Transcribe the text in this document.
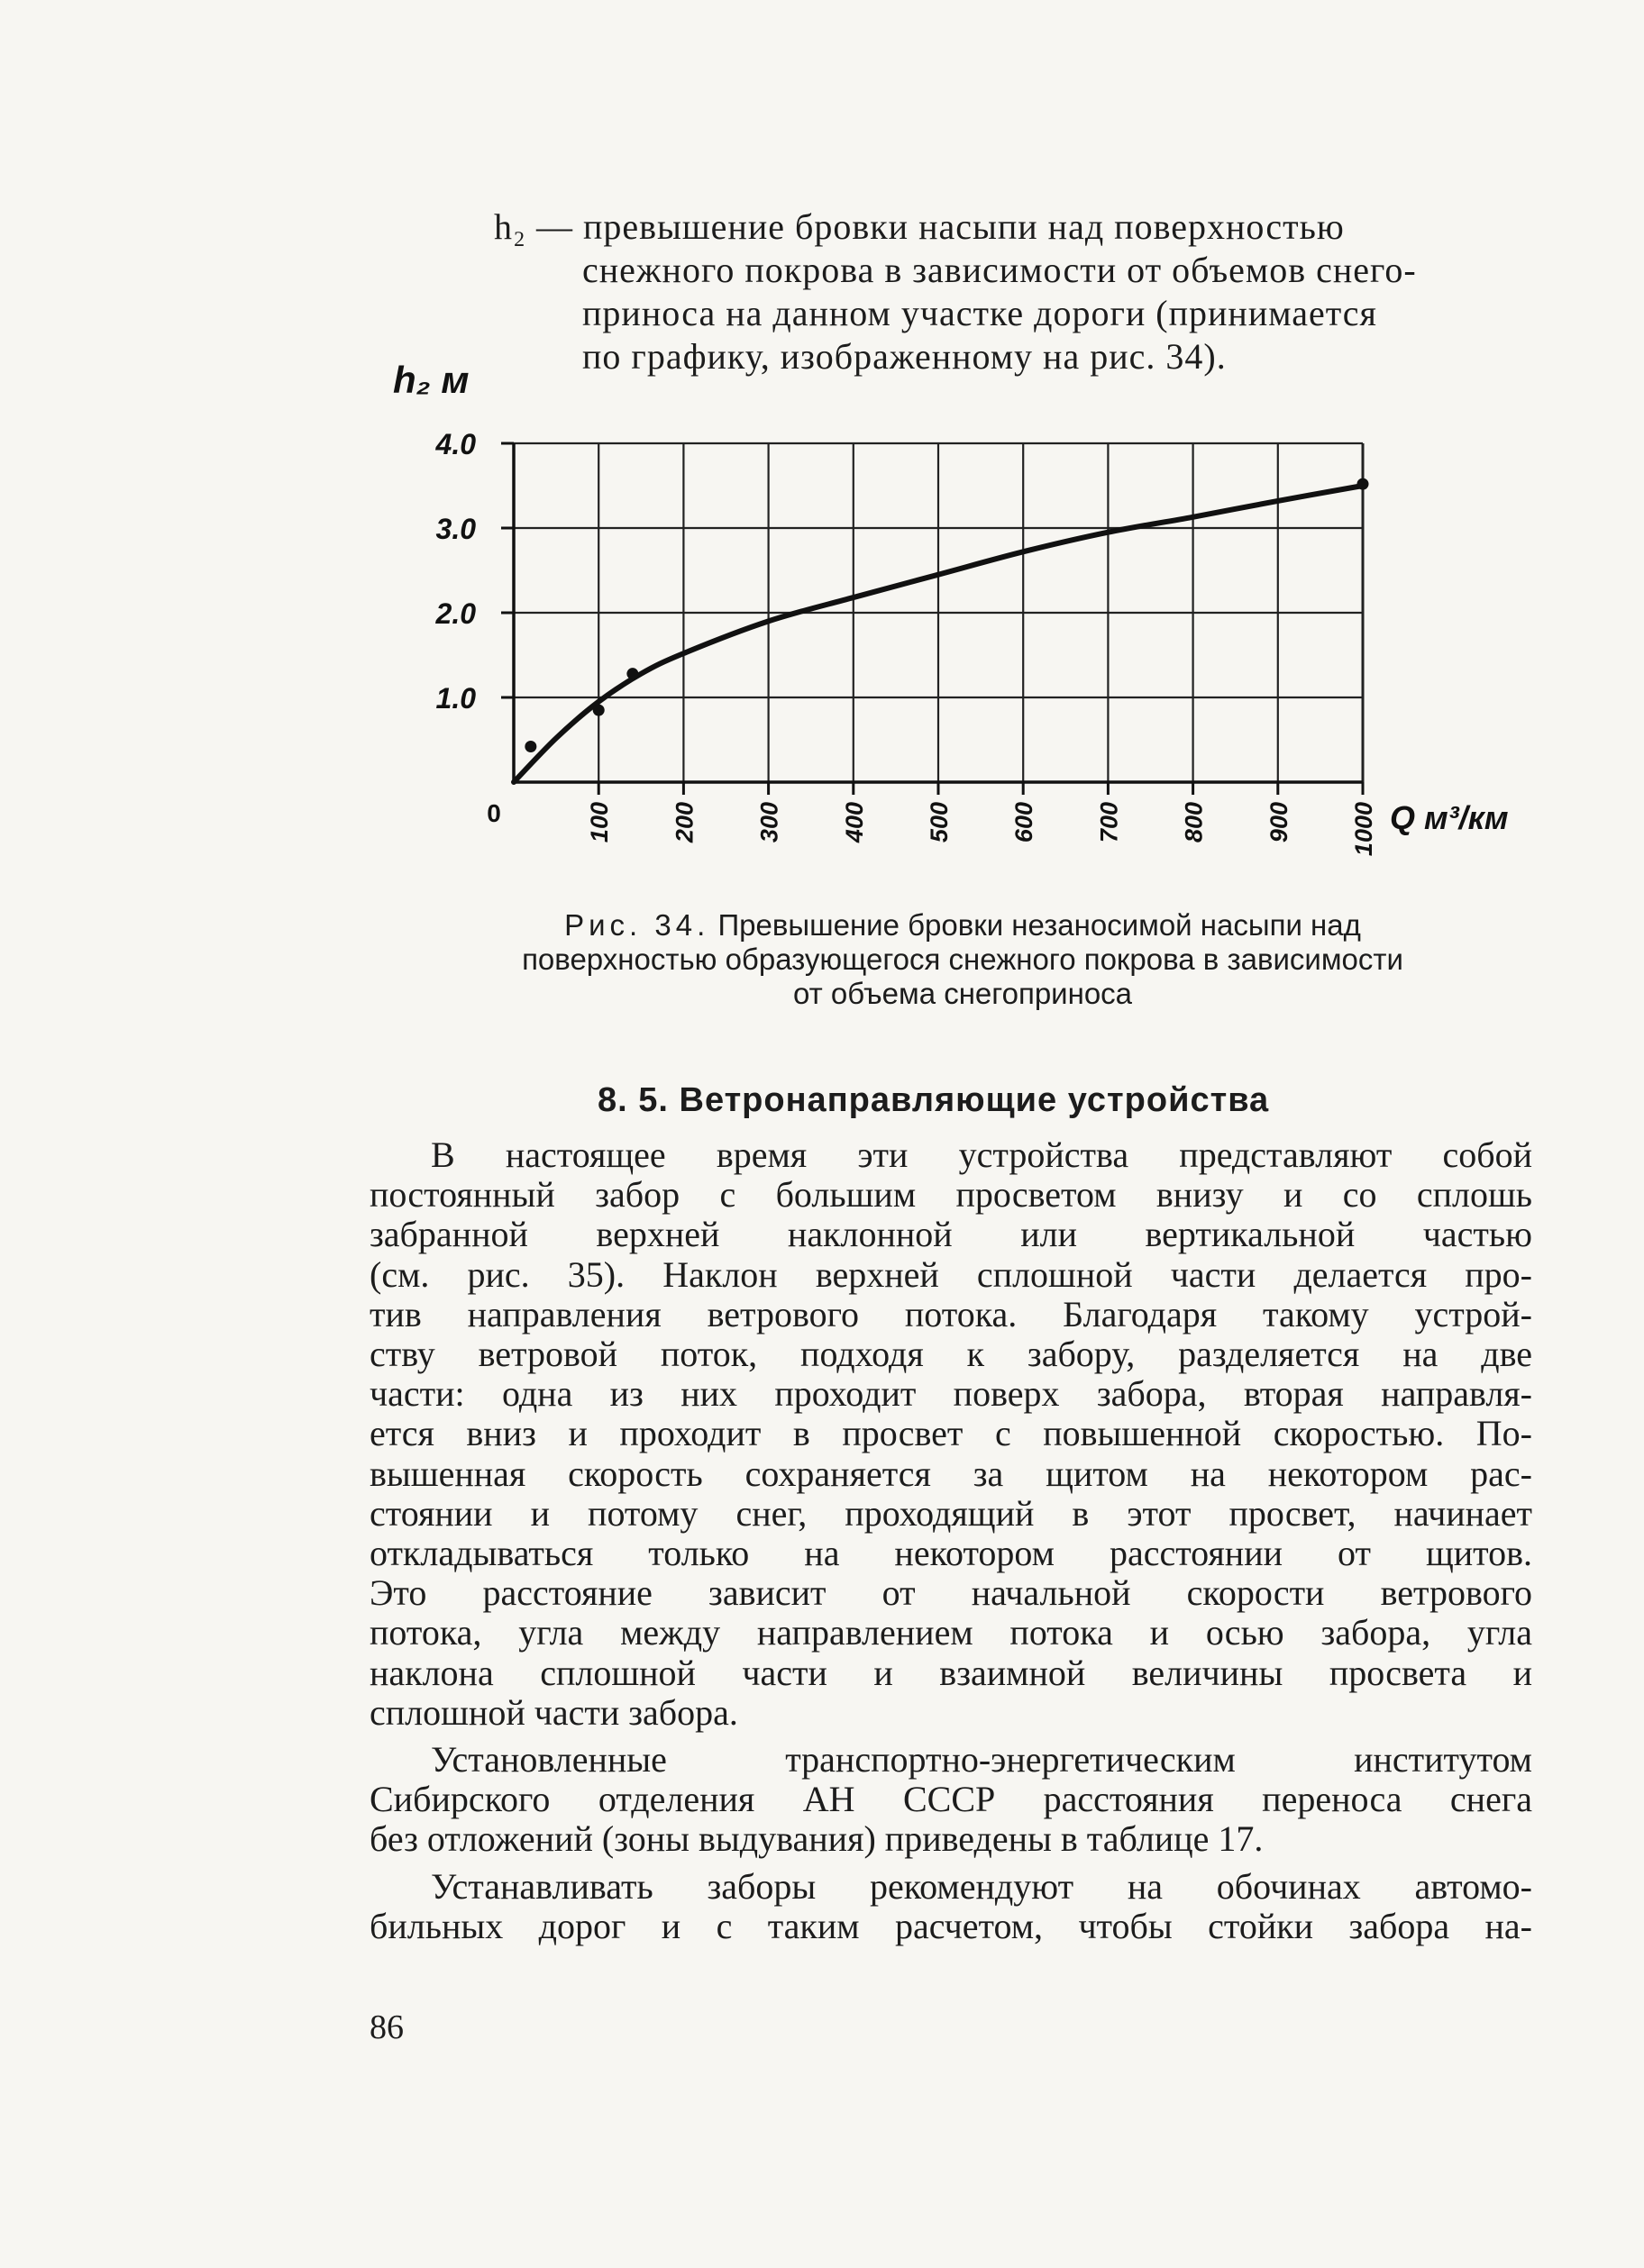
h₂ — превышение бровки насыпи над поверхностью
снежного покрова в зависимости от объемов снего-
приноса на данном участке дороги (принимается
по графику, изображенному на рис. 34).
1.0
2.0
3.0
4.0
100 200 300 400 500 600 700 800 900 1000
0
h₂ м
Q м³/км
Рис. 34. Превышение бровки незаносимой насыпи над
поверхностью образующегося снежного покрова в зависимости
от объема снегоприноса
8. 5. Ветронаправляющие устройства
В настоящее время эти устройства представляют собой
постоянный забор с большим просветом внизу и со сплошь
забранной верхней наклонной или вертикальной частью
(см. рис. 35). Наклон верхней сплошной части делается про-
тив направления ветрового потока. Благодаря такому устрой-
ству ветровой поток, подходя к забору, разделяется на две
части: одна из них проходит поверх забора, вторая направля-
ется вниз и проходит в просвет с повышенной скоростью. По-
вышенная скорость сохраняется за щитом на некотором рас-
стоянии и потому снег, проходящий в этот просвет, начинает
откладываться только на некотором расстоянии от щитов.
Это расстояние зависит от начальной скорости ветрового
потока, угла между направлением потока и осью забора, угла
наклона сплошной части и взаимной величины просвета и
сплошной части забора.
Установленные транспортно-энергетическим институтом
Сибирского отделения АН СССР расстояния переноса снега
без отложений (зоны выдувания) приведены в таблице 17.
Устанавливать заборы рекомендуют на обочинах автомо-
бильных дорог и с таким расчетом, чтобы стойки забора на-
86
